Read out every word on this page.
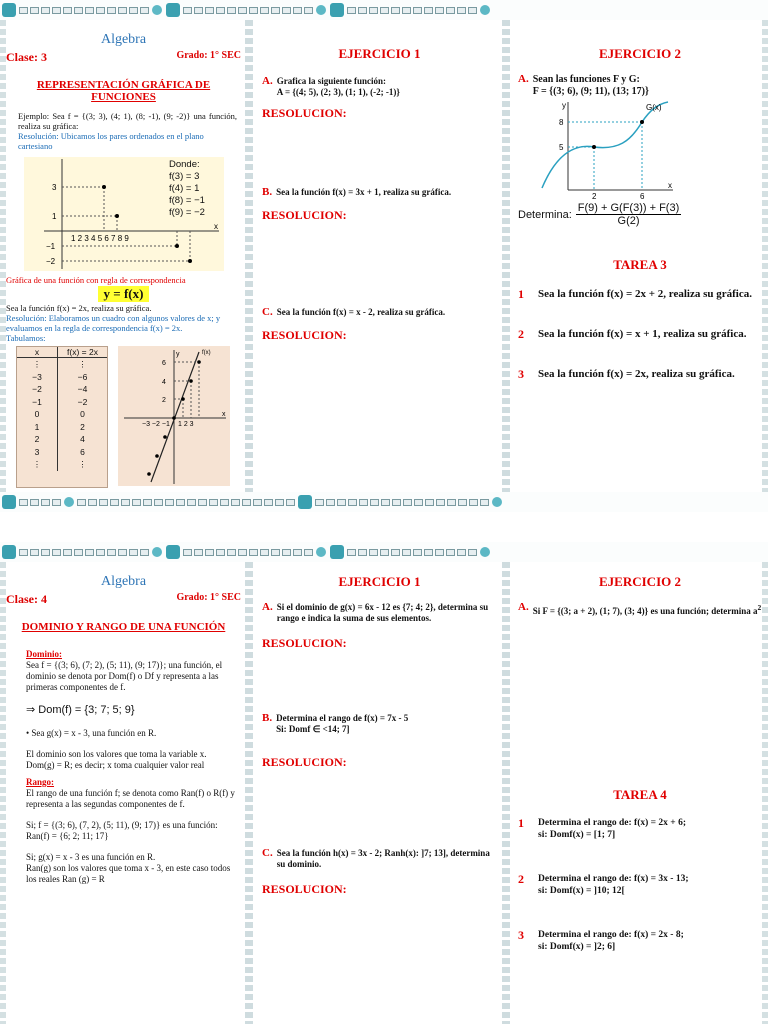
Algebra
Clase: 3	Grado: 1° SEC
REPRESENTACIÓN GRÁFICA DE FUNCIONES
Ejemplo: Sea f = {(3; 3), (4; 1), (8; -1), (9; -2)} una función, realiza su gráfica:
Resolución: Ubicamos los pares ordenados en el plano cartesiano
3
1
−1
−2
1 2 3 4 5 6 7 8 9
x
Donde:
f(3) = 3
f(4) = 1
f(8) = −1
f(9) = −2
Gráfica de una función con regla de correspondencia
y = f(x)
Sea la función f(x) = 2x, realiza su gráfica.
Resolución: Elaboramos un cuadro con algunos valores de x; y evaluamos en la regla de correspondencia f(x) = 2x.
Tabulamos:
x	f(x) = 2x
⋮	⋮
−3	−6
−2	−4
−1	−2
0	0
1	2
2	4
3	6
⋮	⋮
6
4
2
−3 −2 −1 1 2 3
f(x)
x
y
EJERCICIO 1
A. Grafica la siguiente función:
A = {(4; 5), (2; 3), (1; 1), (-2; -1)}
RESOLUCION:
B. Sea la función f(x) = 3x + 1, realiza su gráfica.
RESOLUCION:
C. Sea la función f(x) = x - 2, realiza su gráfica.
RESOLUCION:
EJERCICIO 2
A. Sean las funciones F y G:
F = {(3; 6), (9; 11), (13; 17)}
G(x)
y
x
8
5
2	6
Determina: $\frac{F(9) + G(F(3)) + F(3)}{G(2)}$
TAREA 3
1	Sea la función f(x) = 2x + 2, realiza su gráfica.
2	Sea la función f(x) = x + 1, realiza su gráfica.
3	Sea la función f(x) = 2x, realiza su gráfica.
Algebra
Clase: 4	Grado: 1° SEC
DOMINIO Y RANGO DE UNA FUNCIÓN
Dominio:
Sea f = {(3; 6), (7; 2), (5; 11), (9; 17)}; una función, el dominio se denota por Dom(f) o Df y representa a las primeras componentes de f.
⇒ Dom(f) = {3; 7; 5; 9}
• Sea g(x) = x - 3, una función en R.
El dominio son los valores que toma la variable x.
Dom(g) = R; es decir; x toma cualquier valor real
Rango:
El rango de una función f; se denota como Ran(f) o R(f) y representa a las segundas componentes de f.
Si; f = {(3; 6), (7, 2), (5; 11), (9; 17)} es una función: Ran(f) = {6; 2; 11; 17}
Si; g(x) = x - 3 es una función en R.
Ran(g) son los valores que toma x - 3, en este caso todos los reales Ran (g) = R
EJERCICIO 1
A. Si el dominio de g(x) = 6x - 12 es {7; 4; 2}, determina su rango e indica la suma de sus elementos.
RESOLUCION:
B. Determina el rango de f(x) = 7x - 5
Si: Domf ∈ <14; 7]
RESOLUCION:
C. Sea la función h(x) = 3x - 2; Ranh(x): ]7; 13], determina su dominio.
RESOLUCION:
EJERCICIO 2
A. Si F = {(3; a + 2), (1; 7), (3; 4)} es una función; determina $a^2$
TAREA 4
1	Determina el rango de: f(x) = 2x + 6;
si: Domf(x) = [1; 7]
2	Determina el rango de: f(x) = 3x - 13;
si: Domf(x) = ]10; 12[
3	Determina el rango de: f(x) = 2x - 8;
si: Domf(x) = ]2; 6]
